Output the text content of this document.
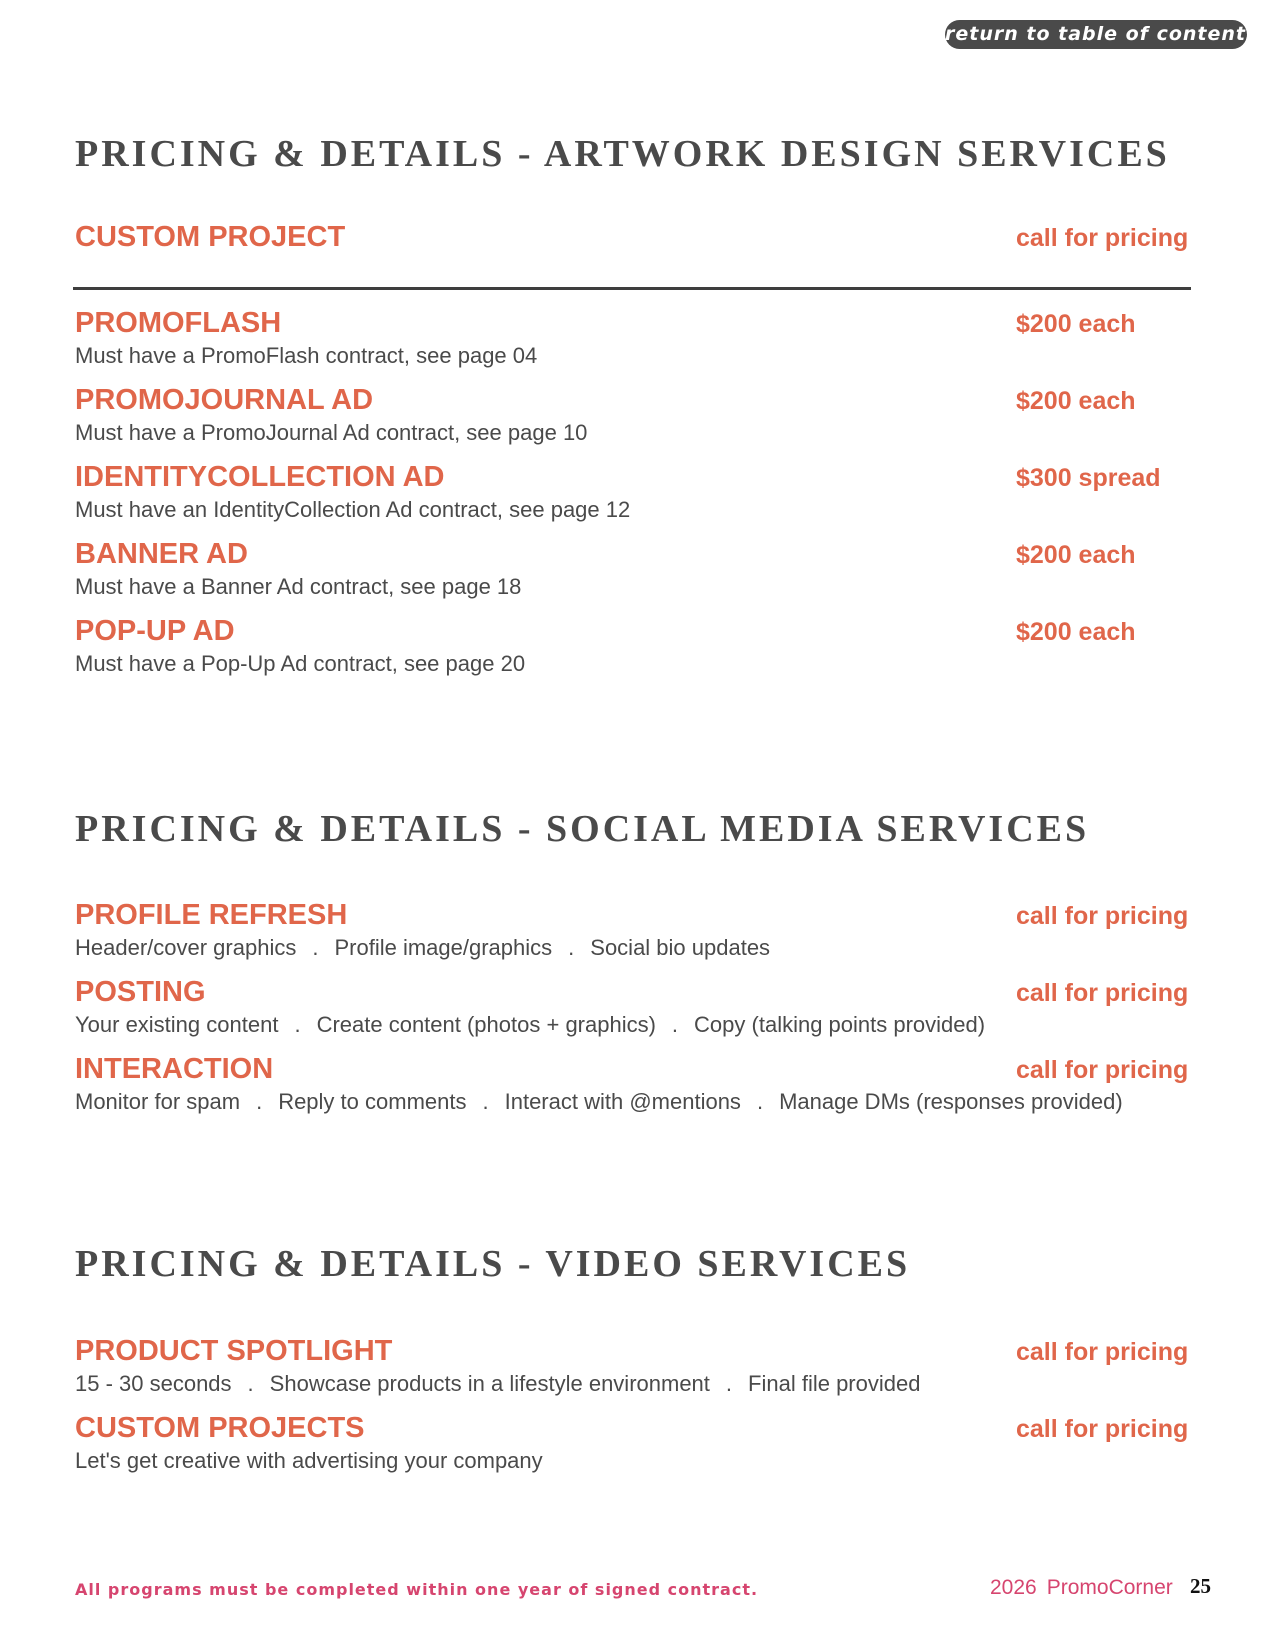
return to table of contents
PRICING & DETAILS - ARTWORK DESIGN SERVICES
CUSTOM PROJECT	call for pricing
PROMOFLASH	$200 each
Must have a PromoFlash contract, see page 04
PROMOJOURNAL AD	$200 each
Must have a PromoJournal Ad contract, see page 10
IDENTITYCOLLECTION AD	$300 spread
Must have an IdentityCollection Ad contract, see page 12
BANNER AD	$200 each
Must have a Banner Ad contract, see page 18
POP-UP AD	$200 each
Must have a Pop-Up Ad contract, see page 20
PRICING & DETAILS - SOCIAL MEDIA SERVICES
PROFILE REFRESH	call for pricing
Header/cover graphics . Profile image/graphics . Social bio updates
POSTING	call for pricing
Your existing content . Create content (photos + graphics) . Copy (talking points provided)
INTERACTION	call for pricing
Monitor for spam . Reply to comments . Interact with @mentions . Manage DMs (responses provided)
PRICING & DETAILS - VIDEO SERVICES
PRODUCT SPOTLIGHT	call for pricing
15 - 30 seconds . Showcase products in a lifestyle environment . Final file provided
CUSTOM PROJECTS	call for pricing
Let's get creative with advertising your company
All programs must be completed within one year of signed contract.	2026 PromoCorner 25
